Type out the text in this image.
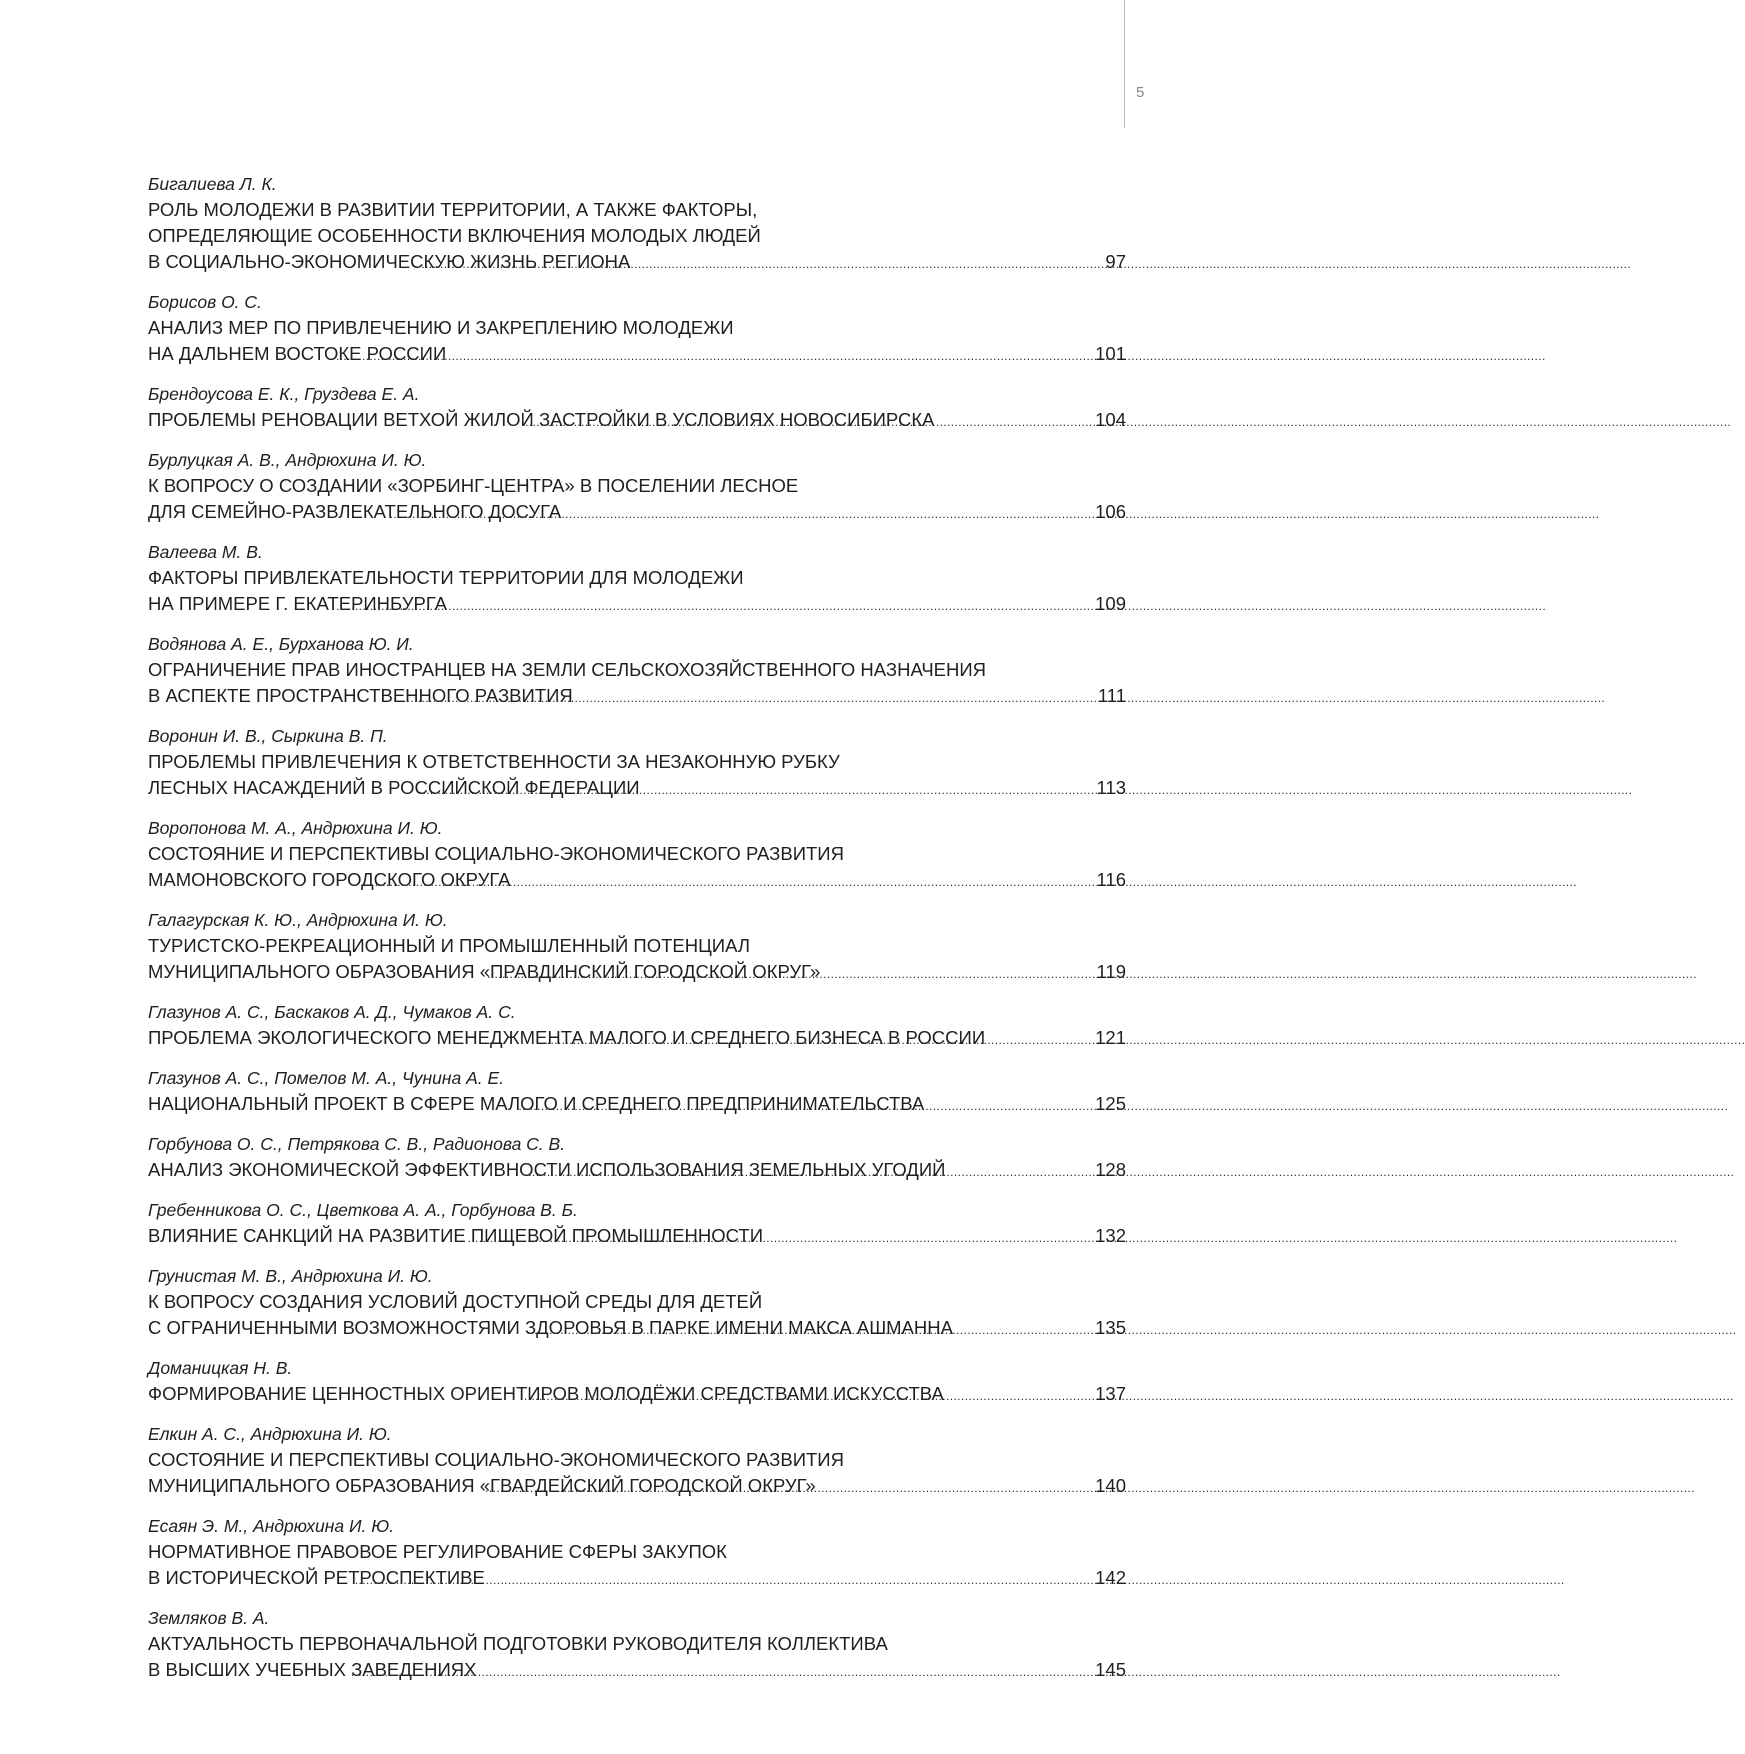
5
Бигалиева Л. К.
РОЛЬ МОЛОДЕЖИ В РАЗВИТИИ ТЕРРИТОРИИ, А ТАКЖЕ ФАКТОРЫ,
ОПРЕДЕЛЯЮЩИЕ ОСОБЕННОСТИ ВКЛЮЧЕНИЯ МОЛОДЫХ ЛЮДЕЙ
В СОЦИАЛЬНО-ЭКОНОМИЧЕСКУЮ ЖИЗНЬ РЕГИОНА .....	97
Борисов О. С.
АНАЛИЗ МЕР ПО ПРИВЛЕЧЕНИЮ И ЗАКРЕПЛЕНИЮ МОЛОДЕЖИ
НА ДАЛЬНЕМ ВОСТОКЕ РОССИИ .....	101
Брендоусова Е. К., Груздева Е. А.
ПРОБЛЕМЫ РЕНОВАЦИИ ВЕТХОЙ ЖИЛОЙ ЗАСТРОЙКИ В УСЛОВИЯХ НОВОСИБИРСКА .....	104
Бурлуцкая А. В., Андрюхина И. Ю.
К ВОПРОСУ О СОЗДАНИИ «ЗОРБИНГ-ЦЕНТРА» В ПОСЕЛЕНИИ ЛЕСНОЕ
ДЛЯ СЕМЕЙНО-РАЗВЛЕКАТЕЛЬНОГО ДОСУГА .....	106
Валеева М. В.
ФАКТОРЫ ПРИВЛЕКАТЕЛЬНОСТИ ТЕРРИТОРИИ ДЛЯ МОЛОДЕЖИ
НА ПРИМЕРЕ Г. ЕКАТЕРИНБУРГА .....	109
Водянова А. Е., Бурханова Ю. И.
ОГРАНИЧЕНИЕ ПРАВ ИНОСТРАНЦЕВ НА ЗЕМЛИ СЕЛЬСКОХОЗЯЙСТВЕННОГО НАЗНАЧЕНИЯ
В АСПЕКТЕ ПРОСТРАНСТВЕННОГО РАЗВИТИЯ .....	111
Воронин И. В., Сыркина В. П.
ПРОБЛЕМЫ ПРИВЛЕЧЕНИЯ К ОТВЕТСТВЕННОСТИ ЗА НЕЗАКОННУЮ РУБКУ
ЛЕСНЫХ НАСАЖДЕНИЙ В РОССИЙСКОЙ ФЕДЕРАЦИИ .....	113
Воропонова М. А., Андрюхина И. Ю.
СОСТОЯНИЕ И ПЕРСПЕКТИВЫ СОЦИАЛЬНО-ЭКОНОМИЧЕСКОГО РАЗВИТИЯ
МАМОНОВСКОГО ГОРОДСКОГО ОКРУГА .....	116
Галагурская К. Ю., Андрюхина И. Ю.
ТУРИСТСКО-РЕКРЕАЦИОННЫЙ И ПРОМЫШЛЕННЫЙ ПОТЕНЦИАЛ
МУНИЦИПАЛЬНОГО ОБРАЗОВАНИЯ «ПРАВДИНСКИЙ ГОРОДСКОЙ ОКРУГ» .....	119
Глазунов А. С., Баскаков А. Д., Чумаков А. С.
ПРОБЛЕМА ЭКОЛОГИЧЕСКОГО МЕНЕДЖМЕНТА МАЛОГО И СРЕДНЕГО БИЗНЕСА В РОССИИ .....	121
Глазунов А. С., Помелов М. А., Чунина А. Е.
НАЦИОНАЛЬНЫЙ ПРОЕКТ В СФЕРЕ МАЛОГО И СРЕДНЕГО ПРЕДПРИНИМАТЕЛЬСТВА .....	125
Горбунова О. С., Петрякова С. В., Радионова С. В.
АНАЛИЗ ЭКОНОМИЧЕСКОЙ ЭФФЕКТИВНОСТИ ИСПОЛЬЗОВАНИЯ ЗЕМЕЛЬНЫХ УГОДИЙ .....	128
Гребенникова О. С., Цветкова А. А., Горбунова В. Б.
ВЛИЯНИЕ САНКЦИЙ НА РАЗВИТИЕ ПИЩЕВОЙ ПРОМЫШЛЕННОСТИ .....	132
Грунистая М. В., Андрюхина И. Ю.
К ВОПРОСУ СОЗДАНИЯ УСЛОВИЙ ДОСТУПНОЙ СРЕДЫ ДЛЯ ДЕТЕЙ
С ОГРАНИЧЕННЫМИ ВОЗМОЖНОСТЯМИ ЗДОРОВЬЯ В ПАРКЕ ИМЕНИ МАКСА АШМАННА .....	135
Доманицкая Н. В.
ФОРМИРОВАНИЕ ЦЕННОСТНЫХ ОРИЕНТИРОВ МОЛОДЁЖИ СРЕДСТВАМИ ИСКУССТВА .....	137
Елкин А. С., Андрюхина И. Ю.
СОСТОЯНИЕ И ПЕРСПЕКТИВЫ СОЦИАЛЬНО-ЭКОНОМИЧЕСКОГО РАЗВИТИЯ
МУНИЦИПАЛЬНОГО ОБРАЗОВАНИЯ «ГВАРДЕЙСКИЙ ГОРОДСКОЙ ОКРУГ» .....	140
Есаян Э. М., Андрюхина И. Ю.
НОРМАТИВНОЕ ПРАВОВОЕ РЕГУЛИРОВАНИЕ СФЕРЫ ЗАКУПОК
В ИСТОРИЧЕСКОЙ РЕТРОСПЕКТИВЕ .....	142
Земляков В. А.
АКТУАЛЬНОСТЬ ПЕРВОНАЧАЛЬНОЙ ПОДГОТОВКИ РУКОВОДИТЕЛЯ КОЛЛЕКТИВА
В ВЫСШИХ УЧЕБНЫХ ЗАВЕДЕНИЯХ .....	145
